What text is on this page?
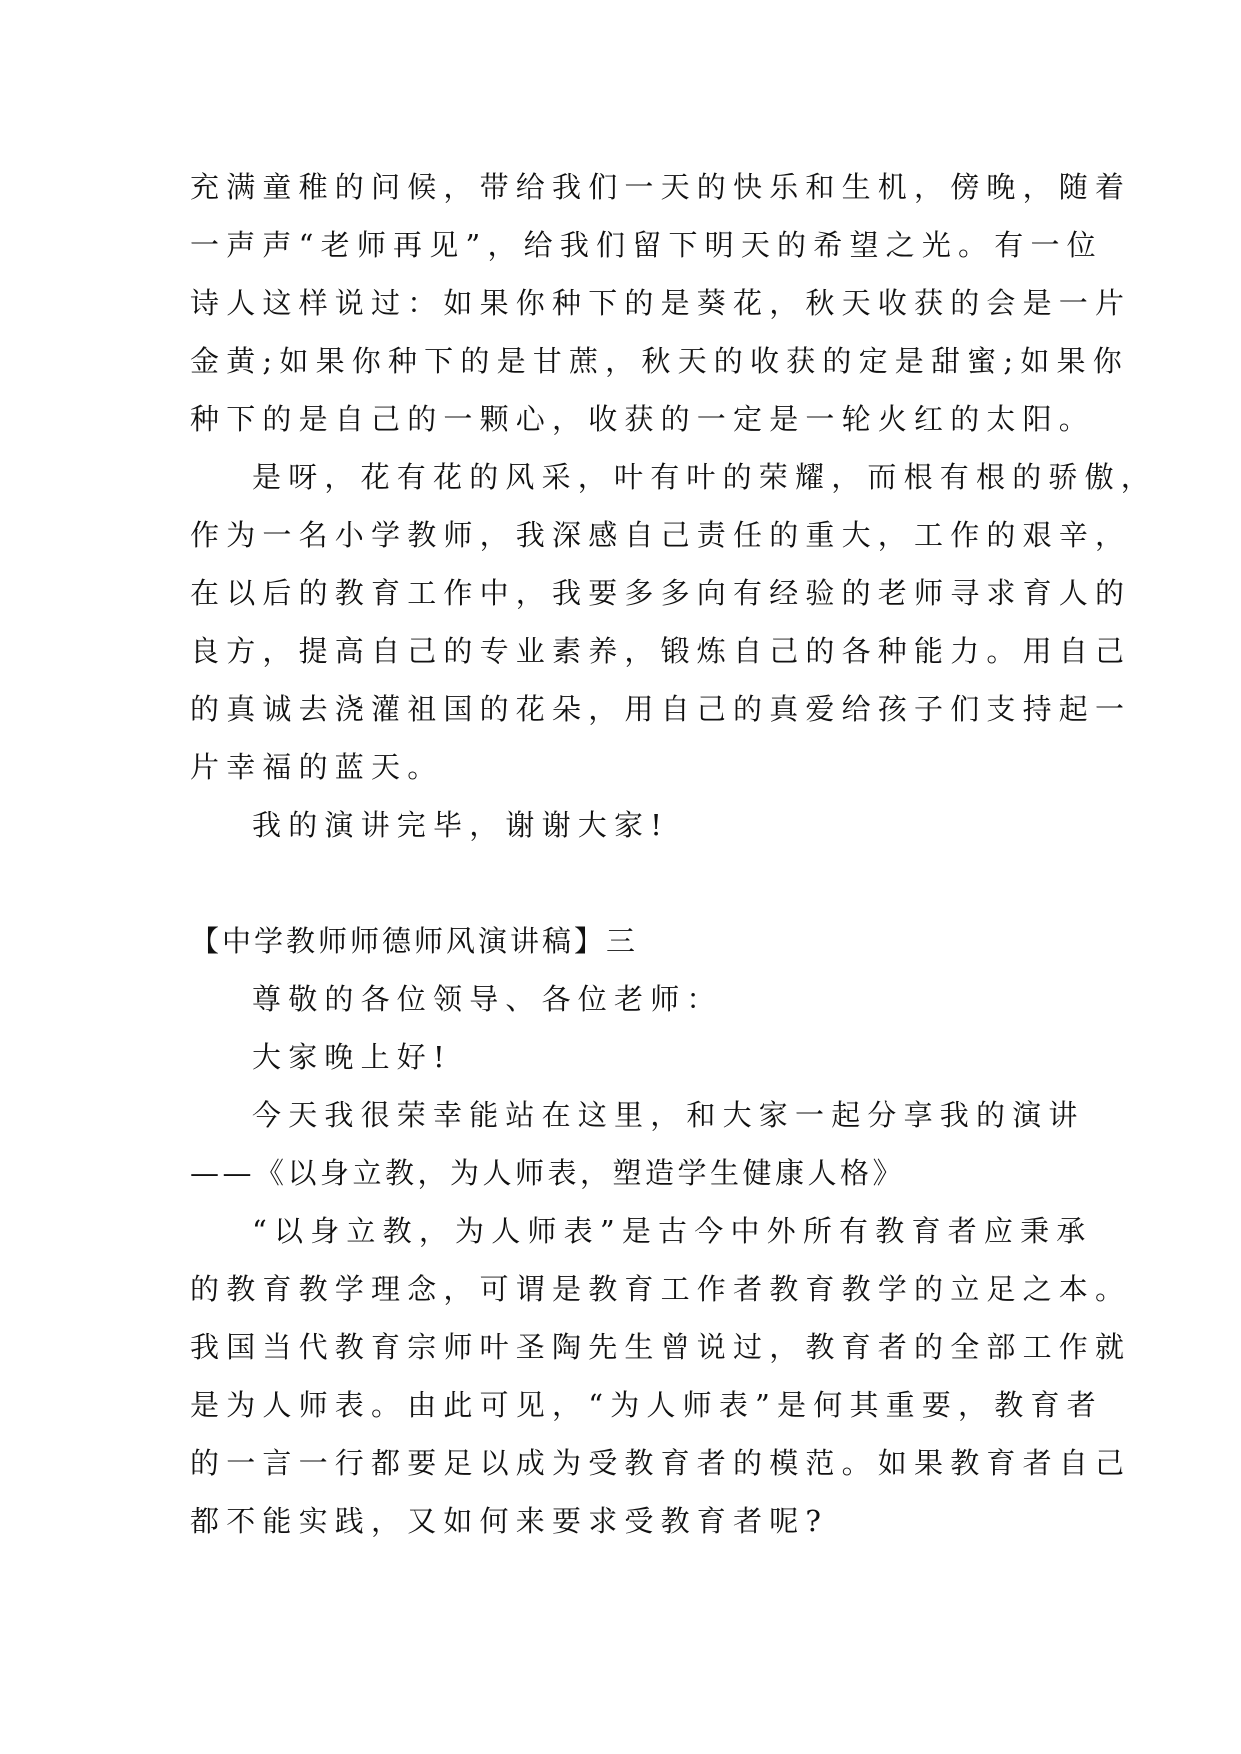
充满童稚的问候，带给我们一天的快乐和生机，傍晚，随着
一声声“老师再见”，给我们留下明天的希望之光。有一位
诗人这样说过：如果你种下的是葵花，秋天收获的会是一片
金黄;如果你种下的是甘蔗，秋天的收获的定是甜蜜;如果你
种下的是自己的一颗心，收获的一定是一轮火红的太阳。
是呀，花有花的风采，叶有叶的荣耀，而根有根的骄傲，
作为一名小学教师，我深感自己责任的重大，工作的艰辛，
在以后的教育工作中，我要多多向有经验的老师寻求育人的
良方，提高自己的专业素养，锻炼自己的各种能力。用自己
的真诚去浇灌祖国的花朵，用自己的真爱给孩子们支持起一
片幸福的蓝天。
我的演讲完毕，谢谢大家!
【中学教师师德师风演讲稿】三
尊敬的各位领导、各位老师：
大家晚上好!
今天我很荣幸能站在这里，和大家一起分享我的演讲
——《以身立教，为人师表，塑造学生健康人格》
“以身立教，为人师表”是古今中外所有教育者应秉承
的教育教学理念，可谓是教育工作者教育教学的立足之本。
我国当代教育宗师叶圣陶先生曾说过，教育者的全部工作就
是为人师表。由此可见，“为人师表”是何其重要，教育者
的一言一行都要足以成为受教育者的模范。如果教育者自己
都不能实践，又如何来要求受教育者呢?
